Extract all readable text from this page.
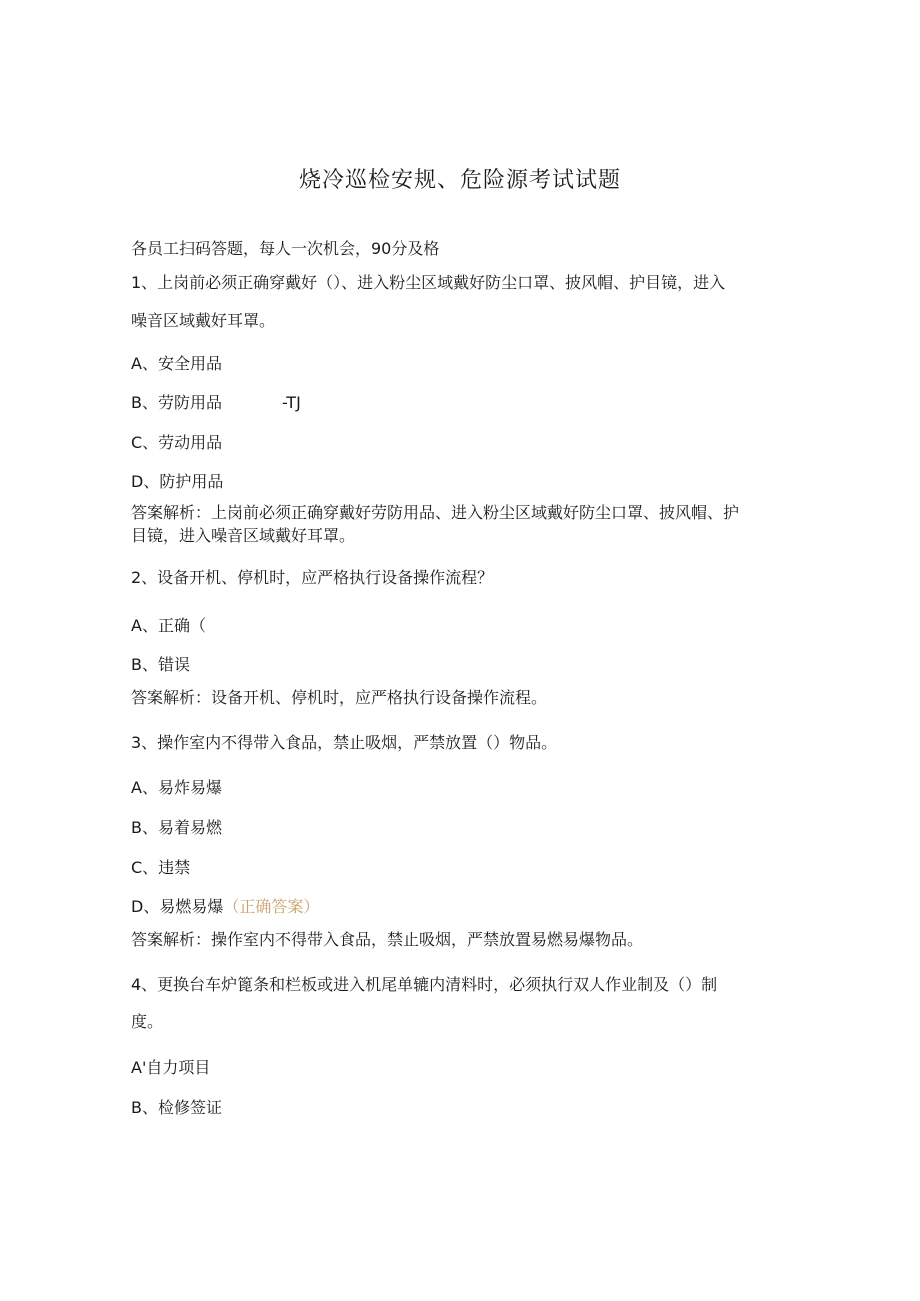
烧冷巡检安规、危险源考试试题
各员工扫码答题，每人一次机会，90分及格
1、上岗前必须正确穿戴好（）、进入粉尘区域戴好防尘口罩、披风帽、护目镜，进入
噪音区域戴好耳罩。
A、安全用品
B、劳防用品	-TJ
C、劳动用品
D、防护用品
答案解析：上岗前必须正确穿戴好劳防用品、进入粉尘区域戴好防尘口罩、披风帽、护
目镜，进入噪音区域戴好耳罩。
2、设备开机、停机时，应严格执行设备操作流程？
A、正确（
B、错误
答案解析：设备开机、停机时，应严格执行设备操作流程。
3、操作室内不得带入食品，禁止吸烟，严禁放置（）物品。
A、易炸易爆
B、易着易燃
C、违禁
D、易燃易爆（正确答案）
答案解析：操作室内不得带入食品，禁止吸烟，严禁放置易燃易爆物品。
4、更换台车炉篦条和栏板或进入机尾单辘内清料时，必须执行双人作业制及（）制
度。
A'自力项目
B、检修签证
